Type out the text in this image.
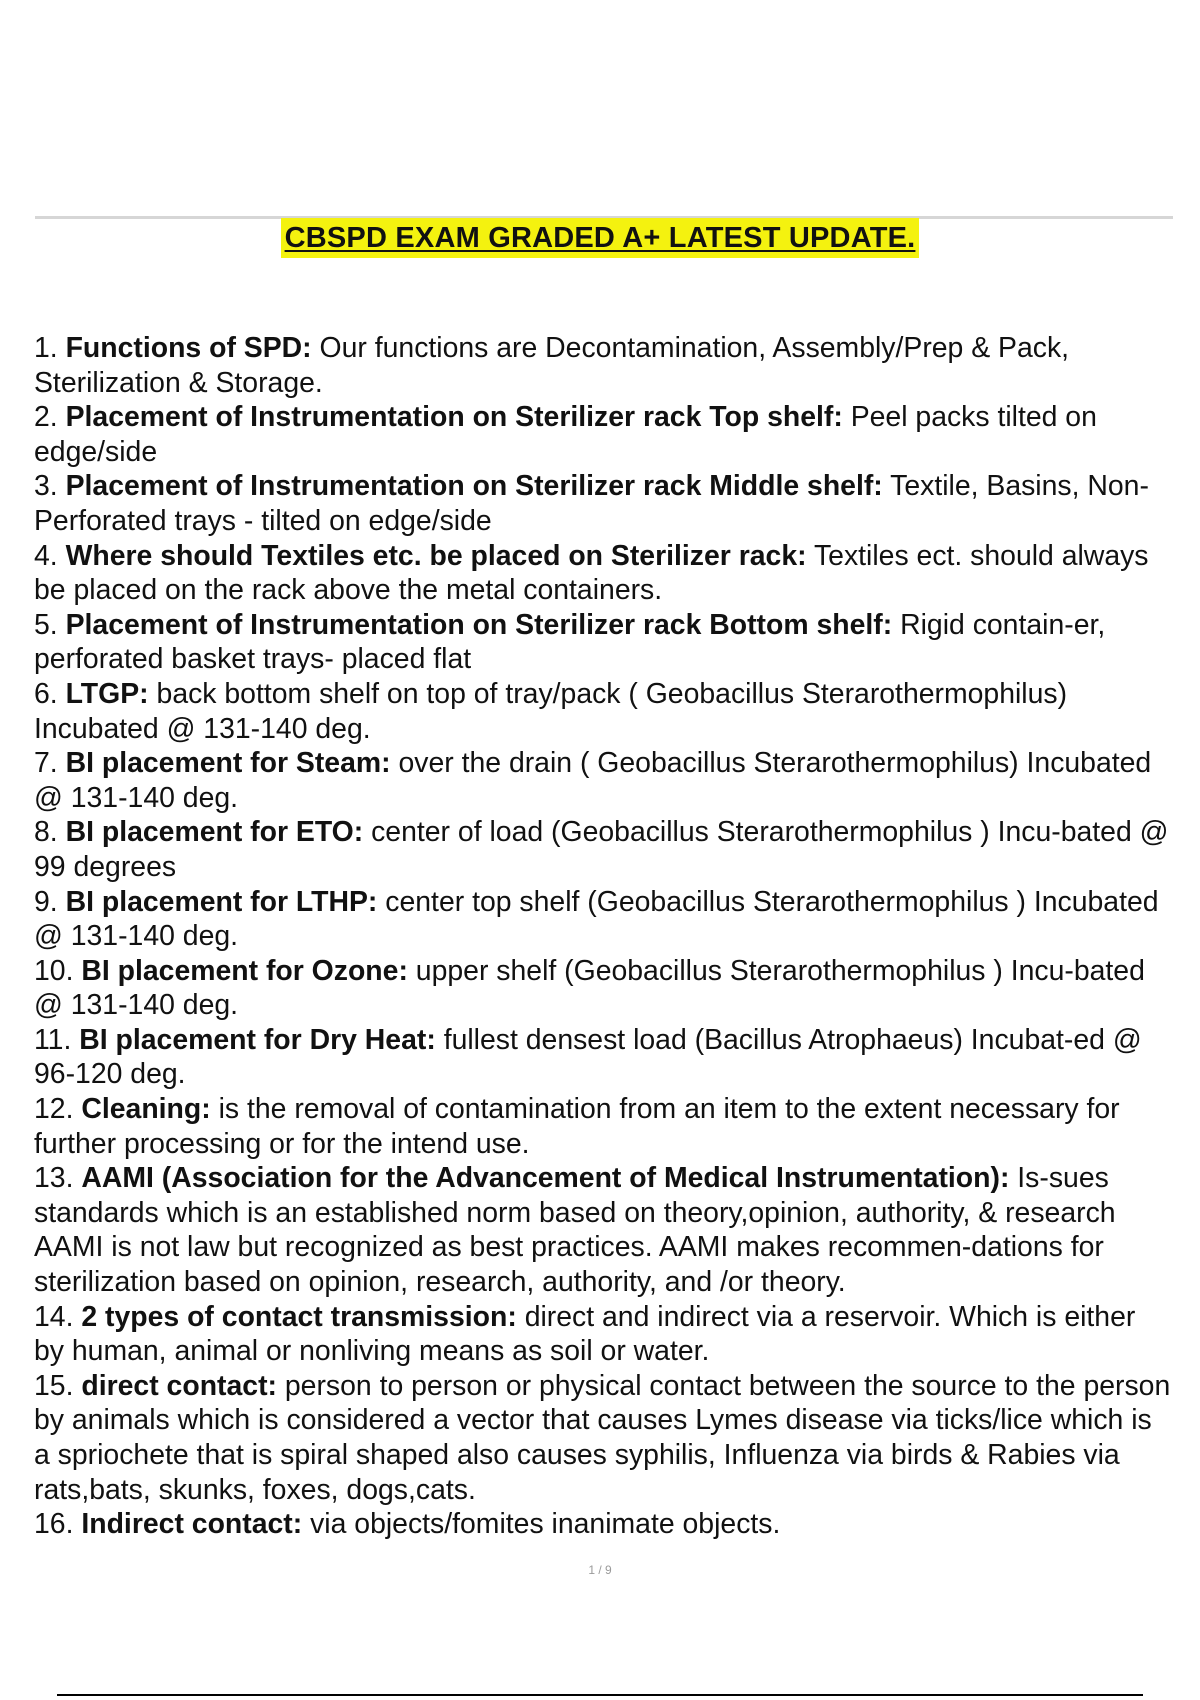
CBSPD EXAM GRADED A+ LATEST UPDATE.
1. Functions of SPD: Our functions are Decontamination, Assembly/Prep & Pack, Sterilization & Storage.
2. Placement of Instrumentation on Sterilizer rack Top shelf: Peel packs tilted on edge/side
3. Placement of Instrumentation on Sterilizer rack Middle shelf: Textile, Basins, Non-Perforated trays - tilted on edge/side
4. Where should Textiles etc. be placed on Sterilizer rack: Textiles ect. should always be placed on the rack above the metal containers.
5. Placement of Instrumentation on Sterilizer rack Bottom shelf: Rigid contain-er, perforated basket trays- placed flat
6. LTGP: back bottom shelf on top of tray/pack ( Geobacillus Sterarothermophilus) Incubated @ 131-140 deg.
7. BI placement for Steam: over the drain ( Geobacillus Sterarothermophilus) Incubated @ 131-140 deg.
8. BI placement for ETO: center of load (Geobacillus Sterarothermophilus ) Incu-bated @ 99 degrees
9. BI placement for LTHP: center top shelf (Geobacillus Sterarothermophilus ) Incubated @ 131-140 deg.
10. BI placement for Ozone: upper shelf (Geobacillus Sterarothermophilus ) Incu-bated @ 131-140 deg.
11. BI placement for Dry Heat: fullest densest load (Bacillus Atrophaeus) Incubat-ed @ 96-120 deg.
12. Cleaning: is the removal of contamination from an item to the extent necessary for further processing or for the intend use.
13. AAMI (Association for the Advancement of Medical Instrumentation): Is-sues standards which is an established norm based on theory,opinion, authority, & research AAMI is not law but recognized as best practices. AAMI makes recommen-dations for sterilization based on opinion, research, authority, and /or theory.
14. 2 types of contact transmission: direct and indirect via a reservoir. Which is either by human, animal or nonliving means as soil or water.
15. direct contact: person to person or physical contact between the source to the person by animals which is considered a vector that causes Lymes disease via ticks/lice which is a spriochete that is spiral shaped also causes syphilis, Influenza via birds & Rabies via rats,bats, skunks, foxes, dogs,cats.
16. Indirect contact: via objects/fomites inanimate objects.
1 / 9
